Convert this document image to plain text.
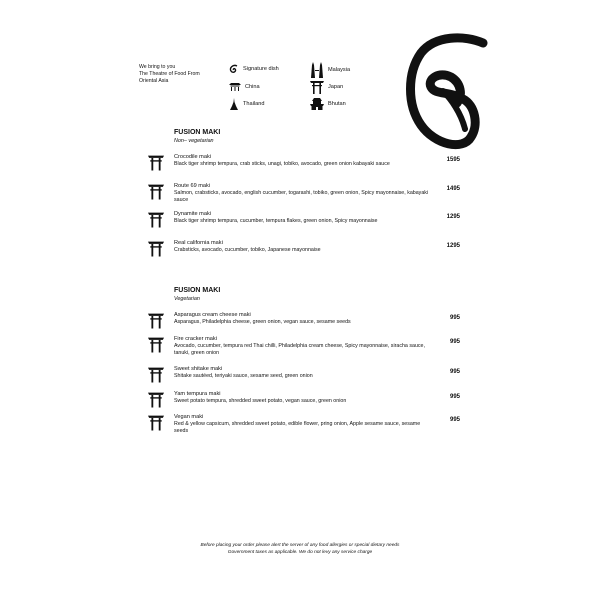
We bring to you
The Theatre of Food From
Oriental Asia
Signature dish
China
Thailand
Malaysia
Japan
Bhutan
FUSION MAKI
Non– vegetarian
Crocodile maki
Black tiger shrimp tempura, crab sticks, unagi, tobiko, avocado, green onion kabayaki sauce
1595
Route 69 maki
Salmon, crabsticks, avocado, english cucumber, togarashi, tobiko, green onion, Spicy mayonnaise, kabayaki sauce
1495
Dynamite maki
Black tiger shrimp tempura, cucumber, tempura flakes, green onion, Spicy mayonnaise
1295
Real california maki
Crabsticks, avocado, cucumber, tobiko, Japanese mayonnaise
1295
FUSION MAKI
Vegetarian
Asparagus cream cheese maki
Asparagus, Philadelphia cheese, green onion, vegan sauce, sesame seeds
995
Fire cracker maki
Avocado, cucumber, tempura red Thai chilli, Philadelphia cream cheese, Spicy mayonnaise, siracha sauce, tanuki, green onion
995
Sweet shitake maki
Shitake sautéed, teriyaki sauce, sesame seed, green onion
995
Yam tempura maki
Sweet potato tempura, shredded sweet potato, vegan sauce, green onion
995
Vegan maki
Red & yellow capsicum, shredded sweet potato, edible flower, pring onion, Apple sesame sauce, sesame seeds
995
Before placing your order please alert the server of any food allergies or special dietary needs
Government taxes as applicable. We do not levy any service charge
